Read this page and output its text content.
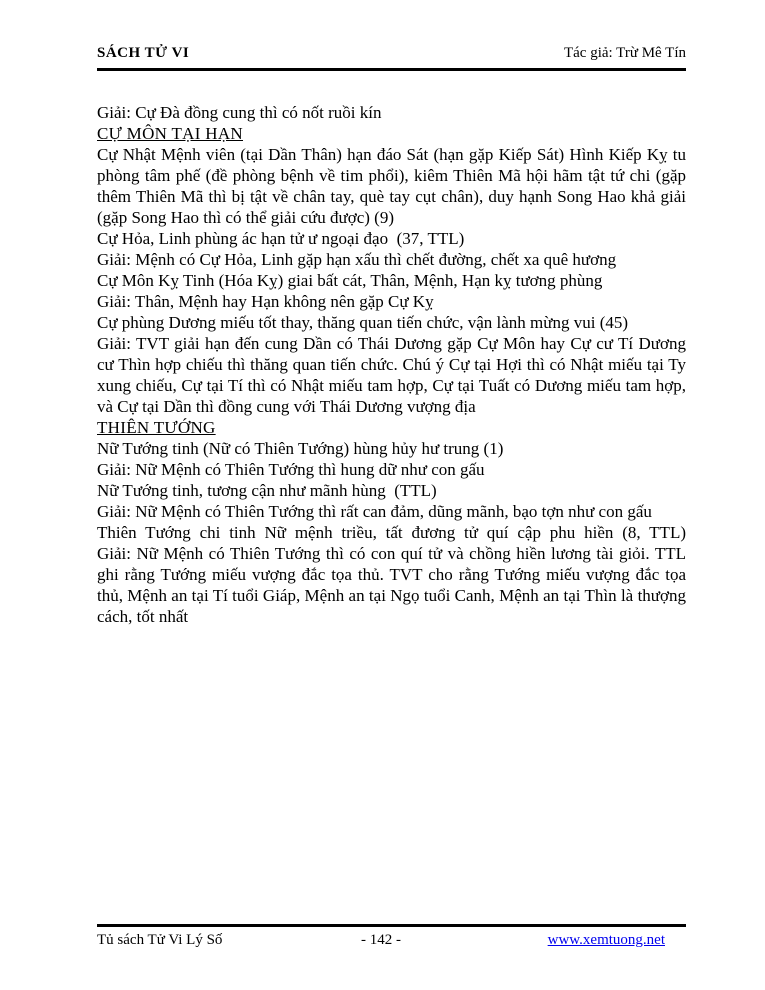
SÁCH TỬ VI	Tác giả: Trừ Mê Tín

Giải: Cự Đà đồng cung thì có nốt ruồi kín

CỰ MÔN TẠI HẠN

Cự Nhật Mệnh viên (tại Dần Thân) hạn đáo Sát (hạn gặp Kiếp Sát) Hình Kiếp Kỵ tu phòng tâm phế (đề phòng bệnh về tim phổi), kiêm Thiên Mã hội hãm tật tứ chi (gặp thêm Thiên Mã thì bị tật về chân tay, què tay cụt chân), duy hạnh Song Hao khả giải (gặp Song Hao thì có thể giải cứu được) (9)

Cự Hỏa, Linh phùng ác hạn tử ư ngoại đạo  (37, TTL)

Giải: Mệnh có Cự Hỏa, Linh gặp hạn xấu thì chết đường, chết xa quê hương

Cự Môn Kỵ Tinh (Hóa Kỵ) giai bất cát, Thân, Mệnh, Hạn kỵ tương phùng

Giải: Thân, Mệnh hay Hạn không nên gặp Cự Kỵ

Cự phùng Dương miếu tốt thay, thăng quan tiến chức, vận lành mừng vui (45)

Giải: TVT giải hạn đến cung Dần có Thái Dương gặp Cự Môn hay Cự cư Tí Dương cư Thìn hợp chiếu thì thăng quan tiến chức. Chú ý Cự tại Hợi thì có Nhật miếu tại Ty xung chiếu, Cự tại Tí thì có Nhật miếu tam hợp, Cự tại Tuất có Dương miếu tam hợp, và Cự tại Dần thì đồng cung với Thái Dương vượng địa

THIÊN TƯỚNG

Nữ Tướng tinh (Nữ có Thiên Tướng) hùng hủy hư trung (1)

Giải: Nữ Mệnh có Thiên Tướng thì hung dữ như con gấu

Nữ Tướng tinh, tương cận như mãnh hùng  (TTL)

Giải: Nữ Mệnh có Thiên Tướng thì rất can đảm, dũng mãnh, bạo tợn như con gấu

Thiên Tướng chi tinh Nữ mệnh triều, tất đương tử quí cập phu hiền (8, TTL)

Giải: Nữ Mệnh có Thiên Tướng thì có con quí tử và chồng hiền lương tài giỏi. TTL ghi rằng Tướng miếu vượng đắc tọa thủ. TVT cho rằng Tướng miếu vượng đắc tọa thủ, Mệnh an tại Tí tuổi Giáp, Mệnh an tại Ngọ tuổi Canh, Mệnh an tại Thìn là thượng cách, tốt nhất

Tủ sách Tử Vi Lý Số	- 142 -	www.xemtuong.net
